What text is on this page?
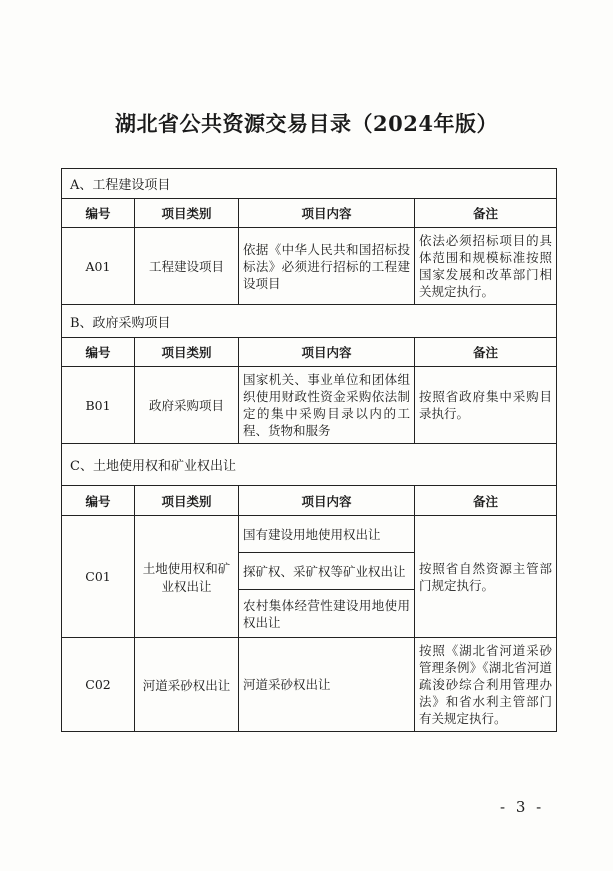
湖北省公共资源交易目录（2024年版）
A、工程建设项目			
编号	项目类别	项目内容	备注
A01	工程建设项目	依据《中华人民共和国招标投标法》必须进行招标的工程建设项目	依法必须招标项目的具体范围和规模标准按照国家发展和改革部门相关规定执行。
B、政府采购项目			
编号	项目类别	项目内容	备注
B01	政府采购项目	国家机关、事业单位和团体组织使用财政性资金采购依法制定的集中采购目录以内的工程、货物和服务	按照省政府集中采购目录执行。
C、土地使用权和矿业权出让			
编号	项目类别	项目内容	备注
C01	土地使用权和矿业权出让	国有建设用地使用权出让	按照省自然资源主管部门规定执行。
		探矿权、采矿权等矿业权出让	
		农村集体经营性建设用地使用权出让	
C02	河道采砂权出让	河道采砂权出让	按照《湖北省河道采砂管理条例》《湖北省河道疏浚砂综合利用管理办法》和省水利主管部门有关规定执行。
- 3 -
